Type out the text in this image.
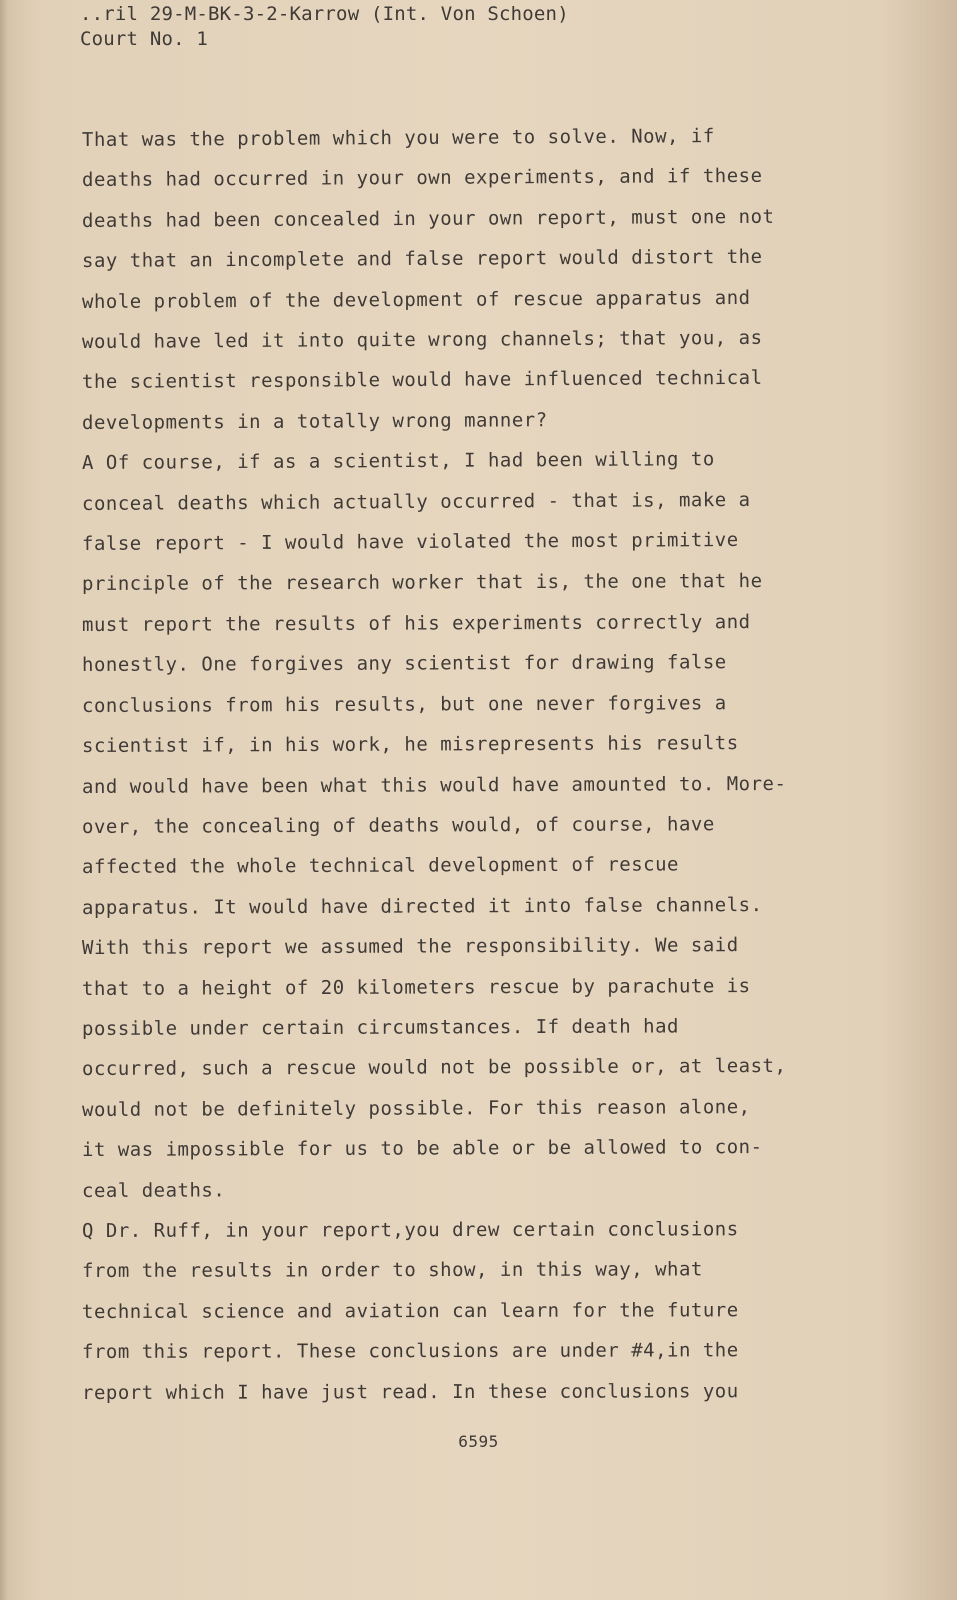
..ril 29-M-BK-3-2-Karrow (Int. Von Schoen)
Court No. 1
That was the problem which you were to solve. Now, if
deaths had occurred in your own experiments, and if these
deaths had been concealed in your own report, must one not
say that an incomplete and false report would distort the
whole problem of the development of rescue apparatus and
would have led it into quite wrong channels; that you, as
the scientist responsible would have influenced technical
developments in a totally wrong manner?
A Of course, if as a scientist, I had been willing to
conceal deaths which actually occurred - that is, make a
false report - I would have violated the most primitive
principle of the research worker that is, the one that he
must report the results of his experiments correctly and
honestly. One forgives any scientist for drawing false
conclusions from his results, but one never forgives a
scientist if, in his work, he misrepresents his results
and would have been what this would have amounted to. More-
over, the concealing of deaths would, of course, have
affected the whole technical development of rescue
apparatus. It would have directed it into false channels.
With this report we assumed the responsibility. We said
that to a height of 20 kilometers rescue by parachute is
possible under certain circumstances. If death had
occurred, such a rescue would not be possible or, at least,
would not be definitely possible. For this reason alone,
it was impossible for us to be able or be allowed to con-
ceal deaths.
Q Dr. Ruff, in your report,you drew certain conclusions
from the results in order to show, in this way, what
technical science and aviation can learn for the future
from this report. These conclusions are under #4,in the
report which I have just read. In these conclusions you
6595
